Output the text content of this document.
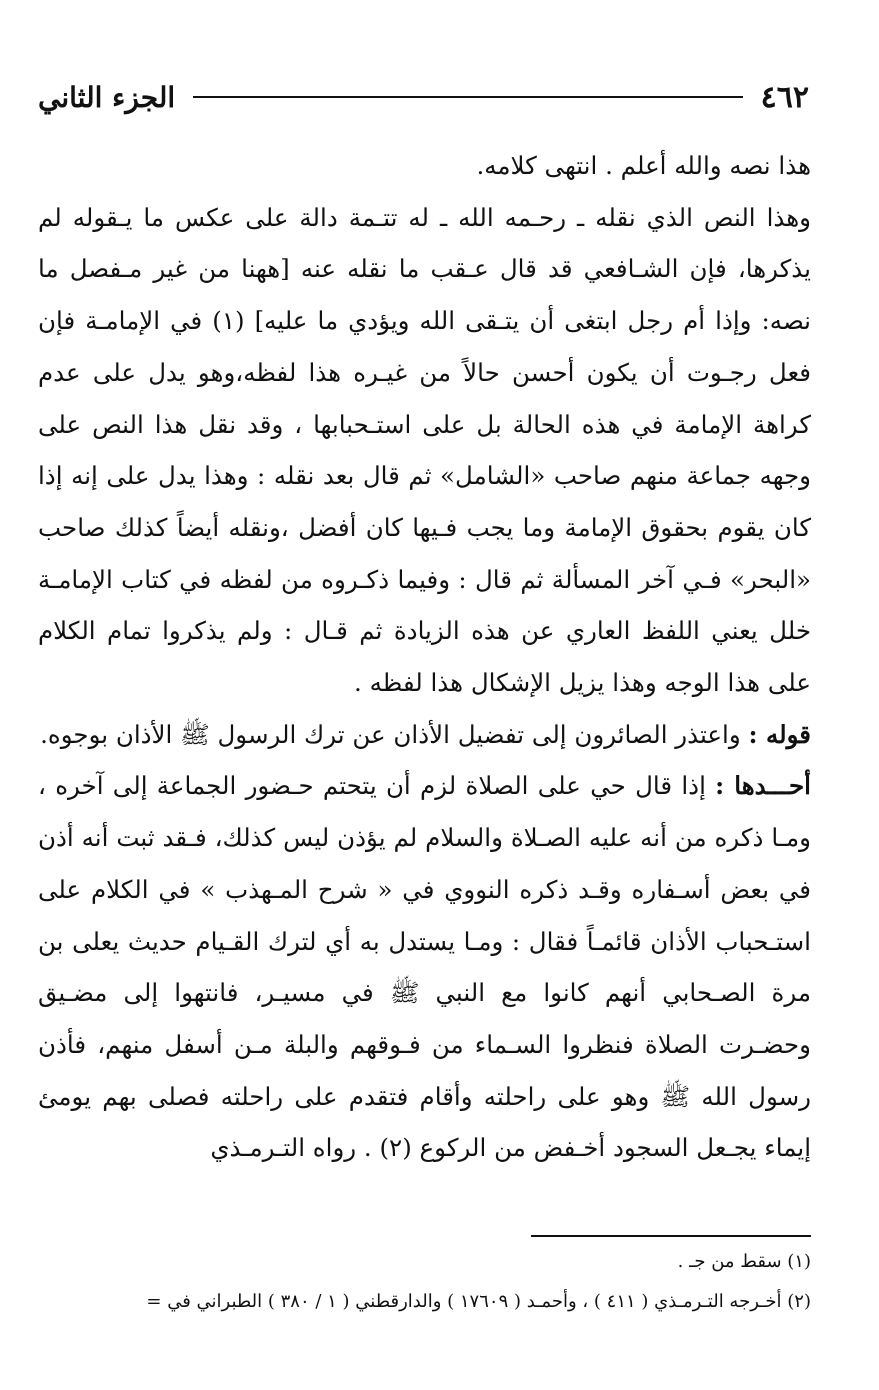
٤٦٢
الجزء الثاني

هذا نصه والله أعلم . انتهى كلامه.

وهذا النص الذي نقله ـ رحـمه الله ـ له تتـمة دالة على عكس ما يـقوله لم يذكرها، فإن الشـافعي قد قال عـقب ما نقله عنه [ههنا من غير مـفصل ما نصه: وإذا أم رجل ابتغى أن يتـقى الله ويؤدي ما عليه] (١) في الإمامـة فإن فعل رجـوت أن يكون أحسن حالاً من غيـره هذا لفظه،وهو يدل على عدم كراهة الإمامة في هذه الحالة بل على استـحبابها ، وقد نقل هذا النص على وجهه جماعة منهم صاحب «الشامل» ثم قال بعد نقله : وهذا يدل على إنه إذا كان يقوم بحقوق الإمامة وما يجب فـيها كان أفضل ،ونقله أيضاً كذلك صاحب «البحر» فـي آخر المسألة ثم قال : وفيما ذكـروه من لفظه في كتاب الإمامـة خلل يعني اللفظ العاري عن هذه الزيادة ثم قـال : ولم يذكروا تمام الكلام على هذا الوجه وهذا يزيل الإشكال هذا لفظه .

قوله : واعتذر الصائرون إلى تفضيل الأذان عن ترك الرسول ﷺ الأذان بوجوه.

أحـــدها : إذا قال حي على الصلاة لزم أن يتحتم حـضور الجماعة إلى آخره ، ومـا ذكره من أنه عليه الصـلاة والسلام لم يؤذن ليس كذلك، فـقد ثبت أنه أذن في بعض أسـفاره وقـد ذكره النووي في « شرح المـهذب » في الكلام على استـحباب الأذان قائمـاً فقال : ومـا يستدل به أي لترك القـيام حديث يعلى بن مرة الصـحابي أنهم كانوا مع النبي ﷺ في مسيـر، فانتهوا إلى مضـيق وحضـرت الصلاة فنظروا السـماء من فـوقهم والبلة مـن أسفل منهم، فأذن رسول الله ﷺ وهو على راحلته وأقام فتقدم على راحلته فصلى بهم يومئ إيماء يجـعل السجود أخـفض من الركوع (٢) . رواه التـرمـذي

(١) سقط من جـ .

(٢) أخـرجه التـرمـذي ( ٤١١ ) ، وأحمـد ( ١٧٦٠٩ ) والدارقطني ( ١ / ٣٨٠ ) الطبراني في =
